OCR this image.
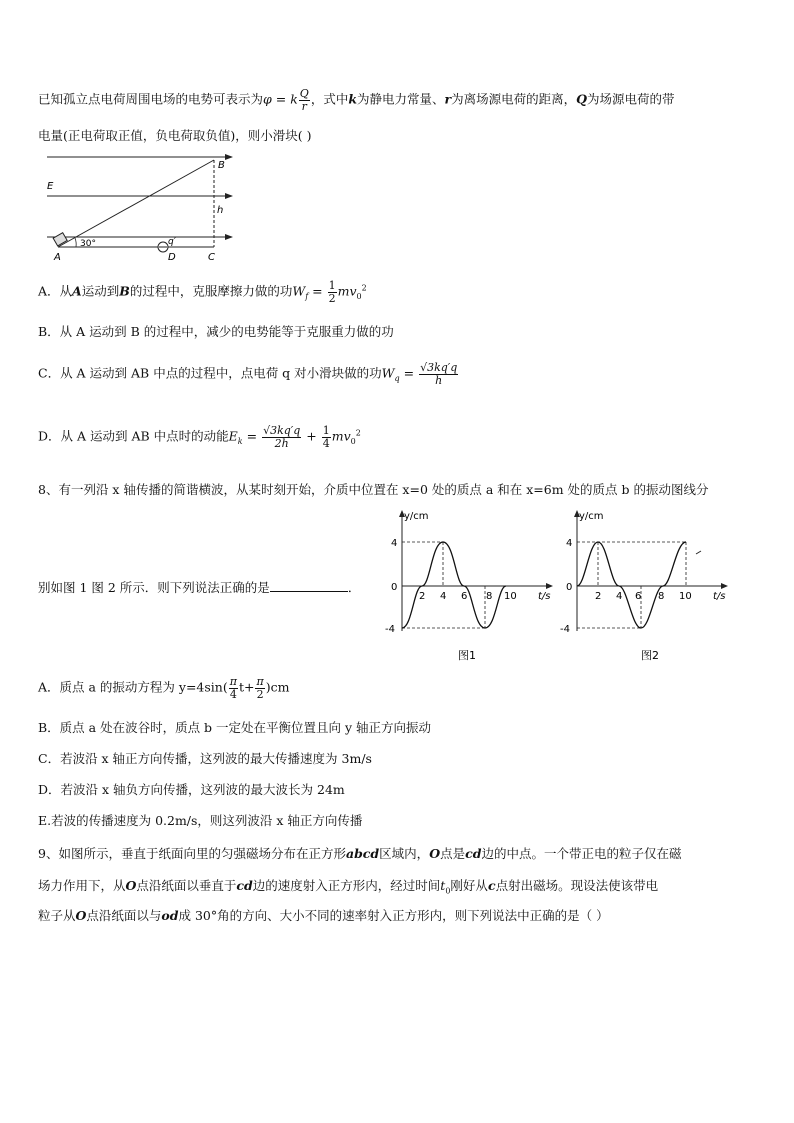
已知孤立点电荷周围电场的电势可表示为φ = k $\frac{Q}{r}$ ，式中k为静电力常量、r为离场源电荷的距离，Q为场源电荷的带
电量(正电荷取正值，负电荷取负值)，则小滑块( )
E
B
h
30°	q′
A	D	C
A．从A运动到B的过程中，克服摩擦力做的功$W_f = \frac{1}{2} mv_0^2$
B．从 A 运动到 B 的过程中，减少的电势能等于克服重力做的功
C．从 A 运动到 AB 中点的过程中，点电荷 q 对小滑块做的功$W_q = \frac{√3kq'q}{h}$
D．从 A 运动到 AB 中点时的动能$E_k = \frac{√3kq'q}{2h} + \frac{1}{4} mv_0^2$
8、有一列沿 x 轴传播的简谐横波，从某时刻开始，介质中位置在 x=0 处的质点 a 和在 x=6m 处的质点 b 的振动图线分
别如图 1 图 2 所示．则下列说法正确的是	．
y/cm
t/s
4
0
-4
2 4 6 8 10
图1
y/cm
t/s
4
0
-4
2 4 6 8 10
图2
A．质点 a 的振动方程为 $y=4\sin( \frac{\pi}{4} t+ \frac{\pi}{2} )cm$
B．质点 a 处在波谷时，质点 b 一定处在平衡位置且向 y 轴正方向振动
C．若波沿 x 轴正方向传播，这列波的最大传播速度为 3m/s
D．若波沿 x 轴负方向传播，这列波的最大波长为 24m
E.若波的传播速度为 0.2m/s，则这列波沿 x 轴正方向传播
9、如图所示，垂直于纸面向里的匀强磁场分布在正方形abcd区域内，O点是cd边的中点。一个带正电的粒子仅在磁
场力作用下，从O点沿纸面以垂直于cd边的速度射入正方形内，经过时间$t_0$刚好从c点射出磁场。现设法使该带电
粒子从O点沿纸面以与od成 30°角的方向、大小不同的速率射入正方形内，则下列说法中正确的是（ ）
